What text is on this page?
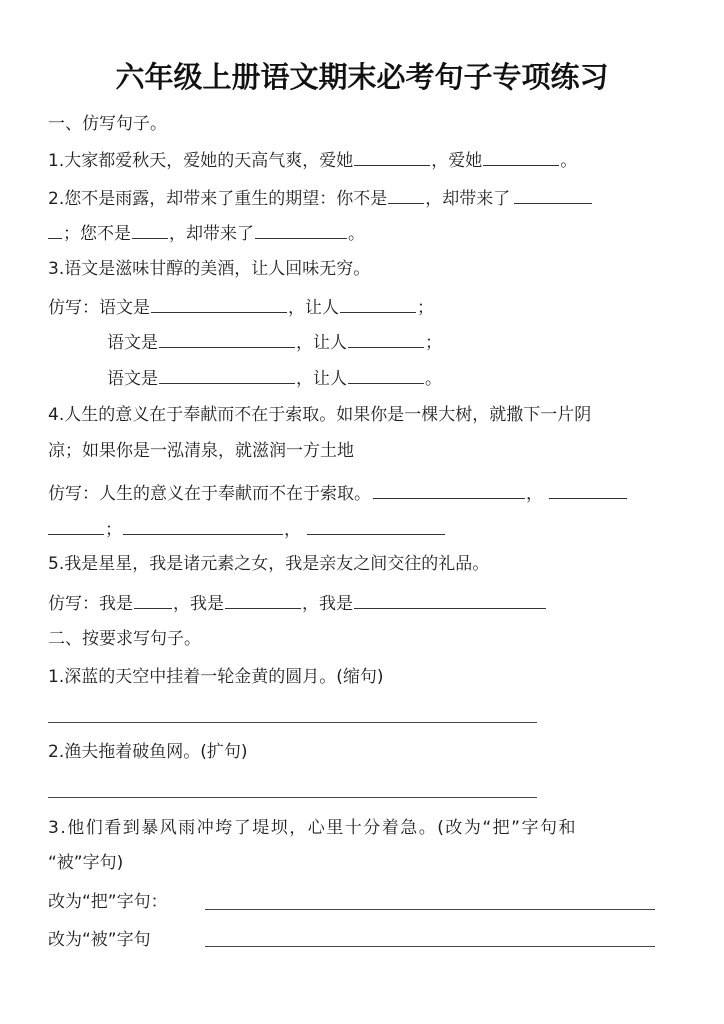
六年级上册语文期末必考句子专项练习
一、仿写句子。
1.大家都爱秋天，爱她的天高气爽，爱她	，爱她	。
2.您不是雨露，却带来了重生的期望：你不是 ，却带来了
；您不是 ，却带来了	。
3.语文是滋味甘醇的美酒，让人回味无穷。
仿写：语文是	，让人	；
语文是	，让人	；
语文是	，让人	。
4.人生的意义在于奉献而不在于索取。如果你是一棵大树，就撒下一片阴
凉；如果你是一泓清泉，就滋润一方土地
仿写：人生的意义在于奉献而不在于索取。	，
；	，
5.我是星星，我是诸元素之女，我是亲友之间交往的礼品。
仿写：我是 ，我是	，我是
二、按要求写句子。
1.深蓝的天空中挂着一轮金黄的圆月。(缩句)
2.渔夫拖着破鱼网。(扩句)
3.他们看到暴风雨冲垮了堤坝，心里十分着急。(改为“把”字句和
“被”字句)
改为“把”字句：
改为“被”字句
